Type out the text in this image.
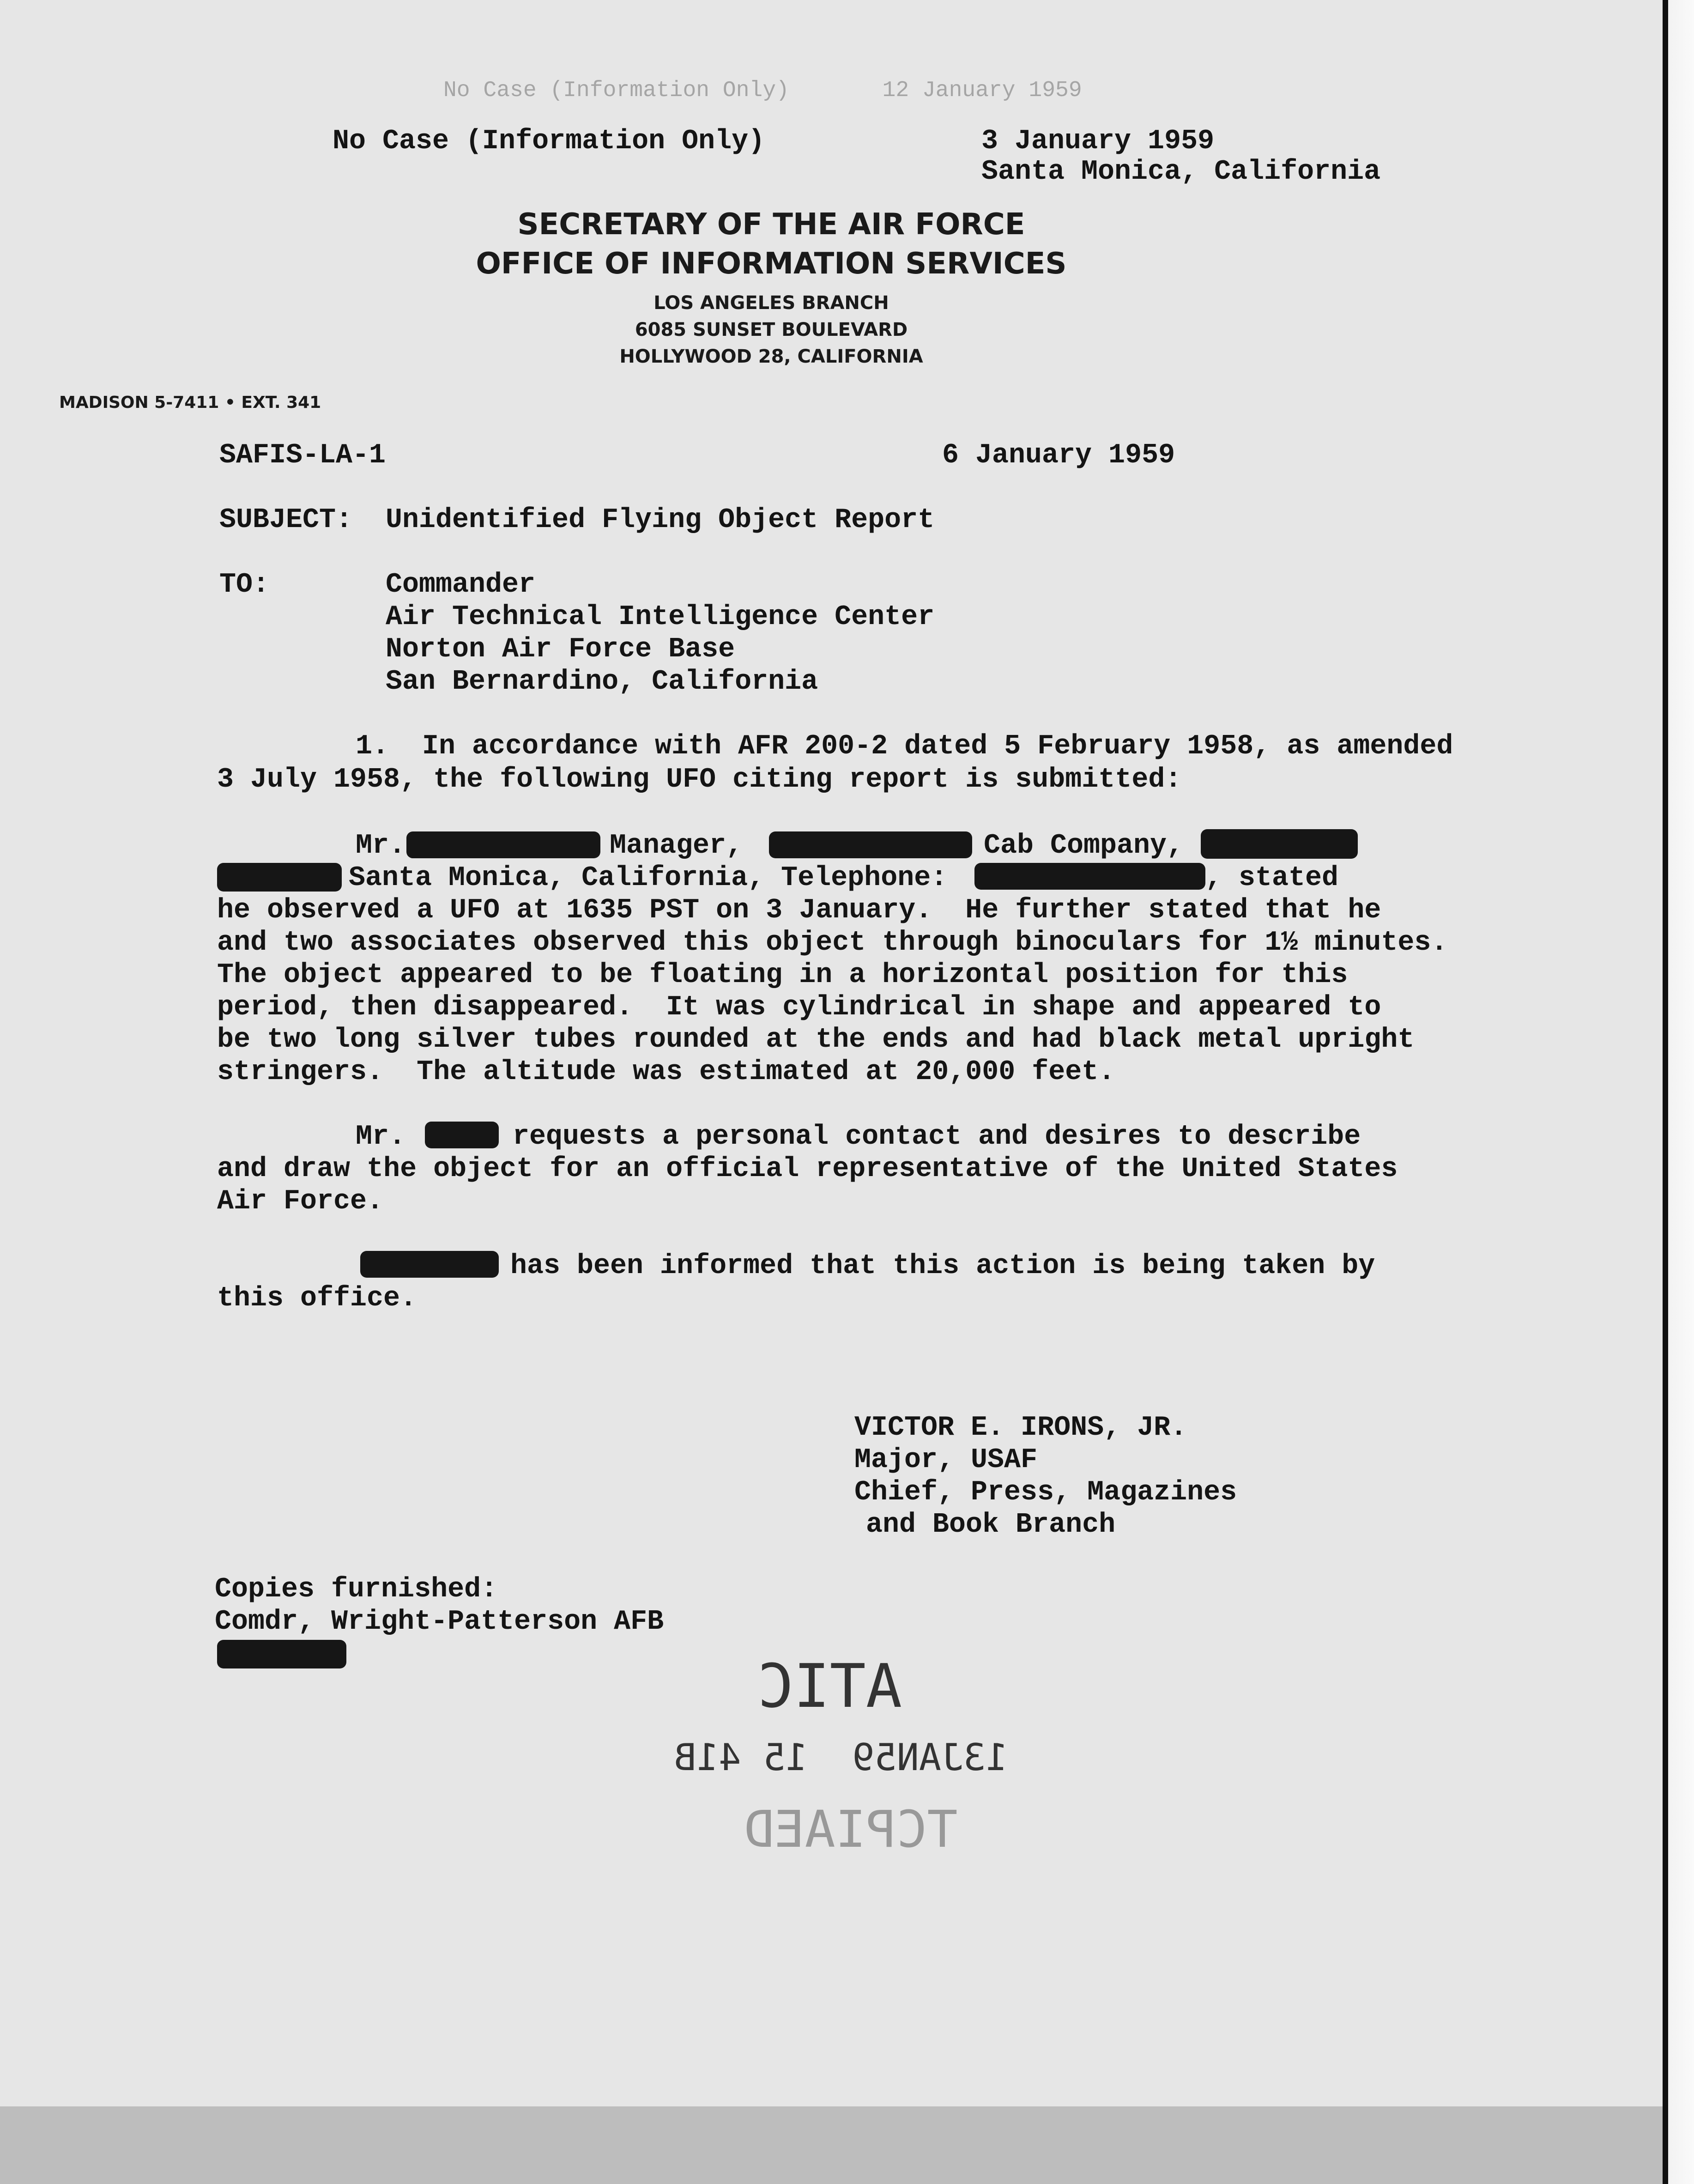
No Case (Information Only)       12 January 1959
No Case (Information Only)	3 January 1959
Santa Monica, California
SECRETARY OF THE AIR FORCE
OFFICE OF INFORMATION SERVICES
LOS ANGELES BRANCH
6085 SUNSET BOULEVARD
HOLLYWOOD 28, CALIFORNIA
MADISON 5-7411 • EXT. 341
SAFIS-LA-1	6 January 1959
SUBJECT: Unidentified Flying Object Report
TO:	Commander
Air Technical Intelligence Center
Norton Air Force Base
San Bernardino, California
1.  In accordance with AFR 200-2 dated 5 February 1958, as amended
3 July 1958, the following UFO citing report is submitted:
Mr.	Manager,	Cab Company,
Santa Monica, California, Telephone:	, stated
he observed a UFO at 1635 PST on 3 January.  He further stated that he
and two associates observed this object through binoculars for 1½ minutes.
The object appeared to be floating in a horizontal position for this
period, then disappeared.  It was cylindrical in shape and appeared to
be two long silver tubes rounded at the ends and had black metal upright
stringers.  The altitude was estimated at 20,000 feet.
Mr.	requests a personal contact and desires to describe
and draw the object for an official representative of the United States
Air Force.
has been informed that this action is being taken by
this office.
VICTOR E. IRONS, JR.
Major, USAF
Chief, Press, Magazines
and Book Branch
Copies furnished:
Comdr, Wright-Patterson AFB
ATIC
13JAN59  15 41B
TCPIAED
